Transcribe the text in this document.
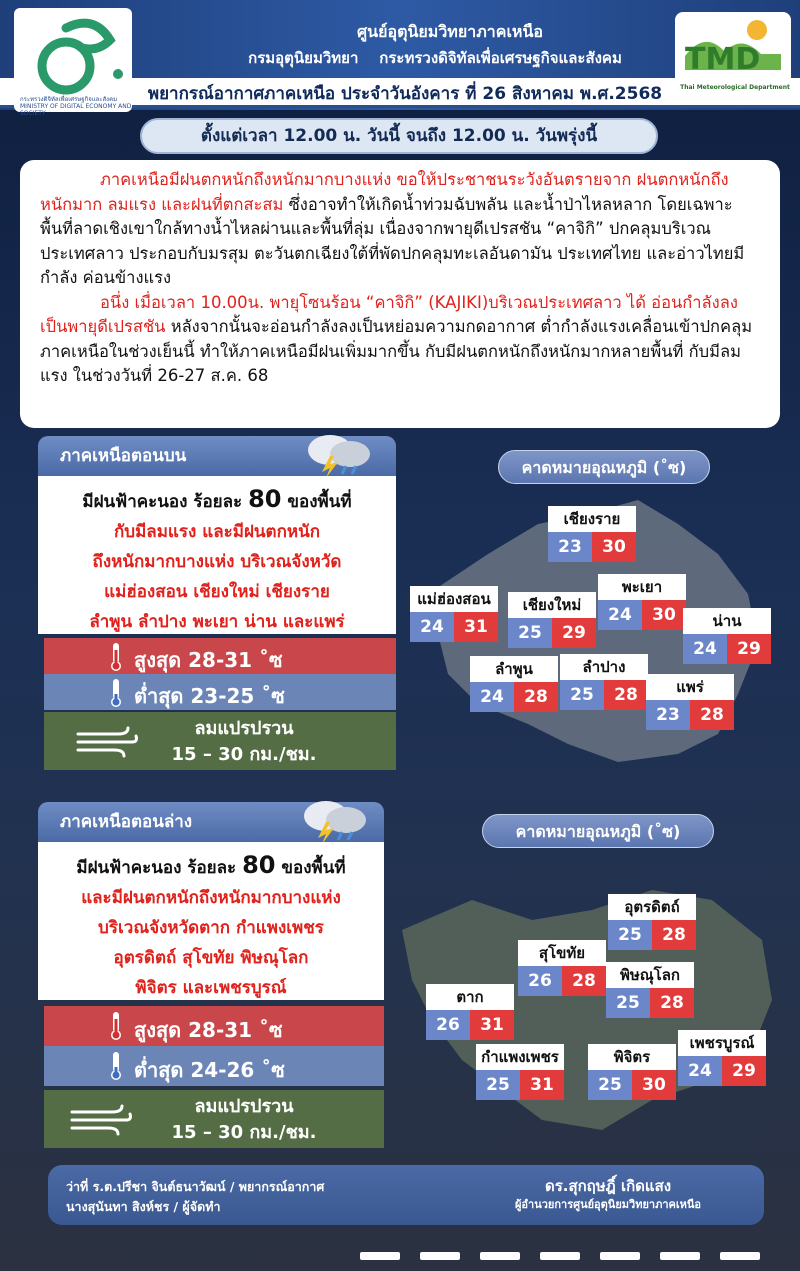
กระทรวงดิจิทัลเพื่อเศรษฐกิจและสังคม
MINISTRY OF DIGITAL ECONOMY AND SOCIETY
ศูนย์อุตุนิยมวิทยาภาคเหนือ
กรมอุตุนิยมวิทยา กระทรวงดิจิทัลเพื่อเศรษฐกิจและสังคม
พยากรณ์อากาศภาคเหนือ ประจำวันอังคาร ที่ 26 สิงหาคม พ.ศ.2568
TMD
Thai Meteorological Department
ตั้งแต่เวลา 12.00 น. วันนี้ จนถึง 12.00 น. วันพรุ่งนี้

ภาคเหนือมีฝนตกหนักถึงหนักมากบางแห่ง ขอให้ประชาชนระวังอันตรายจาก ฝนตกหนักถึงหนักมาก ลมแรง และฝนที่ตกสะสม ซึ่งอาจทำให้เกิดน้ำท่วมฉับพลัน และน้ำป่าไหลหลาก โดยเฉพาะพื้นที่ลาดเชิงเขาใกล้ทางน้ำไหลผ่านและพื้นที่ลุ่ม เนื่องจากพายุดีเปรสชัน “คาจิกิ” ปกคลุมบริเวณประเทศลาว ประกอบกับมรสุม ตะวันตกเฉียงใต้ที่พัดปกคลุมทะเลอันดามัน ประเทศไทย และอ่าวไทยมีกำลัง ค่อนข้างแรง

อนึ่ง เมื่อเวลา 10.00น. พายุโซนร้อน “คาจิกิ” (KAJIKI)บริเวณประเทศลาว ได้ อ่อนกำลังลงเป็นพายุดีเปรสชัน หลังจากนั้นจะอ่อนกำลังลงเป็นหย่อมความกดอากาศ ต่ำกำลังแรงเคลื่อนเข้าปกคลุมภาคเหนือในช่วงเย็นนี้ ทำให้ภาคเหนือมีฝนเพิ่มมากขึ้น กับมีฝนตกหนักถึงหนักมากหลายพื้นที่ กับมีลมแรง ในช่วงวันที่ 26-27 ส.ค. 68

ภาคเหนือตอนบน
มีฝนฟ้าคะนอง ร้อยละ 80 ของพื้นที่
กับมีลมแรง และมีฝนตกหนัก
ถึงหนักมากบางแห่ง บริเวณจังหวัด
แม่ฮ่องสอน เชียงใหม่ เชียงราย
ลำพูน ลำปาง พะเยา น่าน และแพร่
สูงสุด 28-31 ˚ซ
ต่ำสุด 23-25 ˚ซ
ลมแปรปรวน
15 – 30 กม./ชม.
คาดหมายอุณหภูมิ (˚ซ)
เชียงราย
23	30
แม่ฮ่องสอน
24	31
เชียงใหม่
25	29
พะเยา
24	30	น่าน
24	29
ลำพูน
24	28
ลำปาง
25	28	แพร่
23	28
ภาคเหนือตอนล่าง
มีฝนฟ้าคะนอง ร้อยละ 80 ของพื้นที่
และมีฝนตกหนักถึงหนักมากบางแห่ง
บริเวณจังหวัดตาก กำแพงเพชร
อุตรดิตถ์ สุโขทัย พิษณุโลก
พิจิตร และเพชรบูรณ์
สูงสุด 28-31 ˚ซ
ต่ำสุด 24-26 ˚ซ
ลมแปรปรวน
15 – 30 กม./ชม.
คาดหมายอุณหภูมิ (˚ซ)
อุตรดิตถ์
25	28
สุโขทัย
26	28	พิษณุโลก
25	28
ตาก
26	31
เพชรบูรณ์
24	29
กำแพงเพชร
25	31
พิจิตร
25	30
ว่าที่ ร.ต.ปรีชา จินต์ธนาวัฒน์ / พยากรณ์อากาศ
นางสุนันทา สิงห์ชร / ผู้จัดทำ
ดร.สุกฤษฎิ์ เกิดแสง
ผู้อำนวยการศูนย์อุตุนิยมวิทยาภาคเหนือ
